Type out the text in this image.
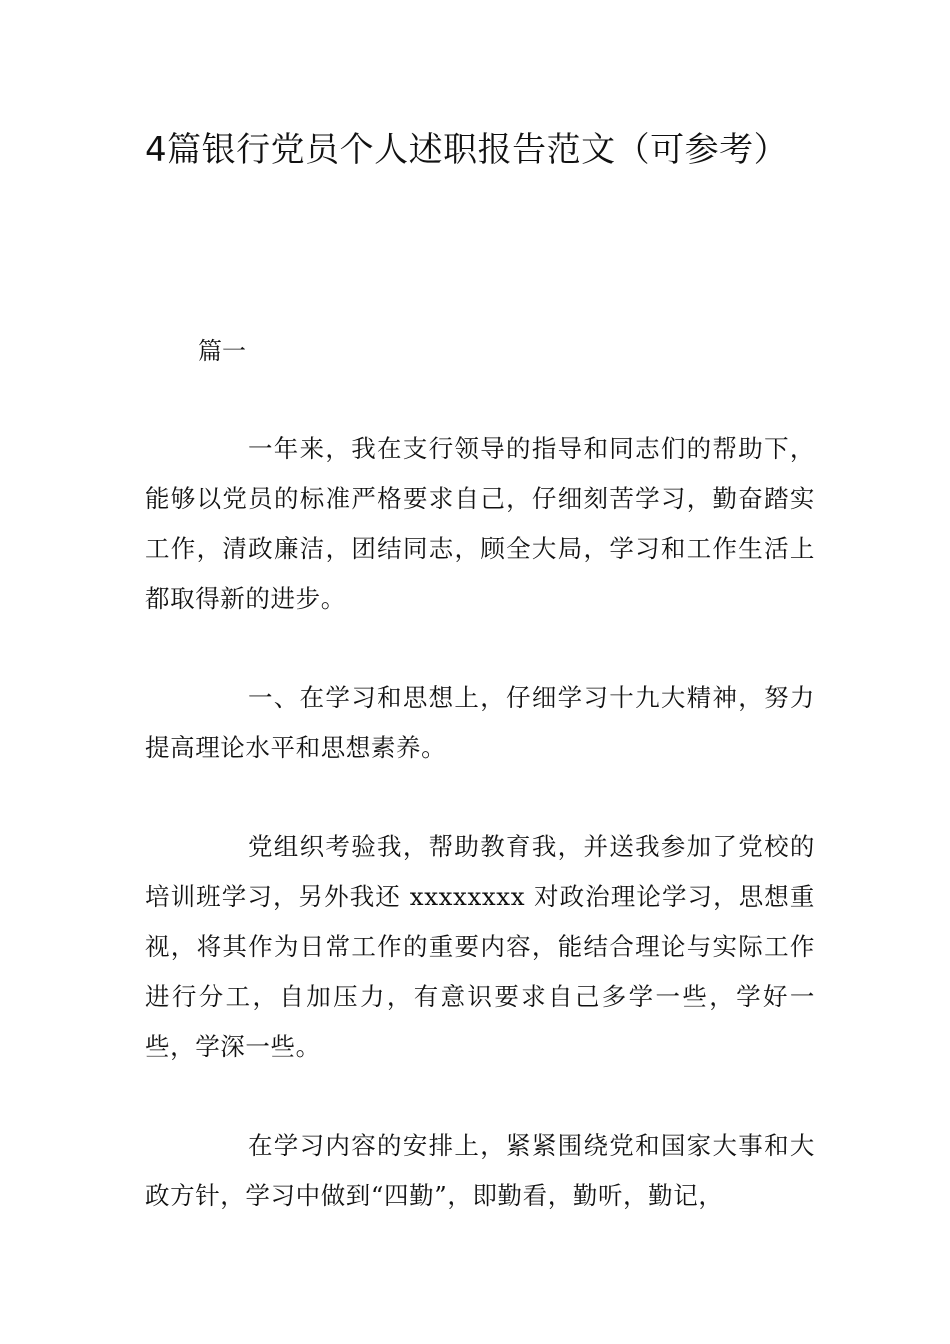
4篇银行党员个人述职报告范文（可参考）

篇一

一年来，我在支行领导的指导和同志们的帮助下，能够以党员的标准严格要求自己，仔细刻苦学习，勤奋踏实工作，清政廉洁，团结同志，顾全大局，学习和工作生活上都取得新的进步。

一、在学习和思想上，仔细学习十九大精神，努力提高理论水平和思想素养。

党组织考验我，帮助教育我，并送我参加了党校的培训班学习，另外我还 xxxxxxxx 对政治理论学习，思想重视，将其作为日常工作的重要内容，能结合理论与实际工作进行分工，自加压力，有意识要求自己多学一些，学好一些，学深一些。

在学习内容的安排上，紧紧围绕党和国家大事和大政方针，学习中做到“四勤”，即勤看，勤听，勤记，
